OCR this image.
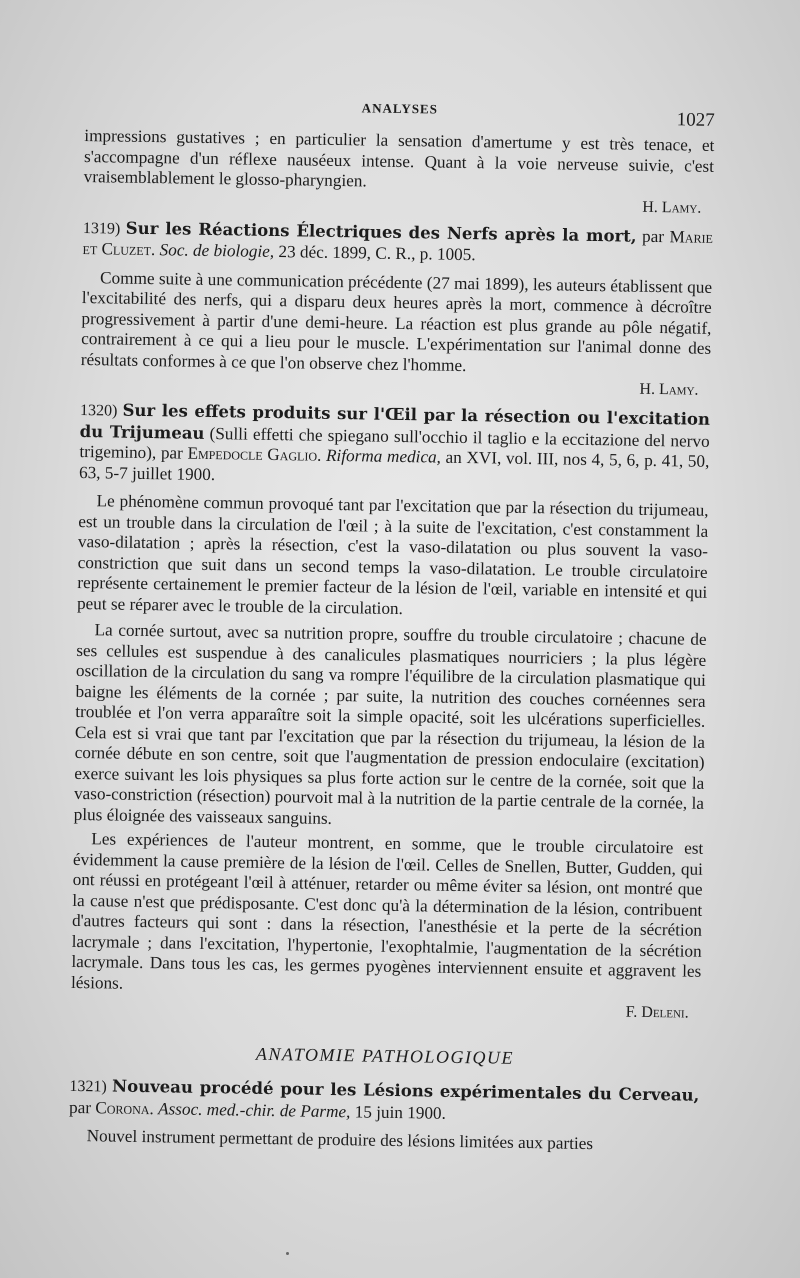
ANALYSES
1027

impressions gustatives ; en particulier la sensation d'amertume y est très tenace, et s'accompagne d'un réflexe nauséeux intense. Quant à la voie nerveuse suivie, c'est vraisemblablement le glosso-pharyngien.

H. Lamy.
1319) Sur les Réactions Électriques des Nerfs après la mort, par Marie et Cluzet. Soc. de biologie, 23 déc. 1899, C. R., p. 1005.

Comme suite à une communication précédente (27 mai 1899), les auteurs établissent que l'excitabilité des nerfs, qui a disparu deux heures après la mort, commence à décroître progressivement à partir d'une demi-heure. La réaction est plus grande au pôle négatif, contrairement à ce qui a lieu pour le muscle. L'expérimentation sur l'animal donne des résultats conformes à ce que l'on observe chez l'homme.

H. Lamy.
1320) Sur les effets produits sur l'Œil par la résection ou l'excitation du Trijumeau (Sulli effetti che spiegano sull'occhio il taglio e la eccitazione del nervo trigemino), par Empedocle Gaglio. Riforma medica, an XVI, vol. III, nos 4, 5, 6, p. 41, 50, 63, 5-7 juillet 1900.

Le phénomène commun provoqué tant par l'excitation que par la résection du trijumeau, est un trouble dans la circulation de l'œil ; à la suite de l'excitation, c'est constamment la vaso-dilatation ; après la résection, c'est la vaso-dilatation ou plus souvent la vaso-constriction que suit dans un second temps la vaso-dilatation. Le trouble circulatoire représente certainement le premier facteur de la lésion de l'œil, variable en intensité et qui peut se réparer avec le trouble de la circulation.

La cornée surtout, avec sa nutrition propre, souffre du trouble circulatoire ; chacune de ses cellules est suspendue à des canalicules plasmatiques nourriciers ; la plus légère oscillation de la circulation du sang va rompre l'équilibre de la circulation plasmatique qui baigne les éléments de la cornée ; par suite, la nutrition des couches cornéennes sera troublée et l'on verra apparaître soit la simple opacité, soit les ulcérations superficielles. Cela est si vrai que tant par l'excitation que par la résection du trijumeau, la lésion de la cornée débute en son centre, soit que l'augmentation de pression endoculaire (excitation) exerce suivant les lois physiques sa plus forte action sur le centre de la cornée, soit que la vaso-constriction (résection) pourvoit mal à la nutrition de la partie centrale de la cornée, la plus éloignée des vaisseaux sanguins.

Les expériences de l'auteur montrent, en somme, que le trouble circulatoire est évidemment la cause première de la lésion de l'œil. Celles de Snellen, Butter, Gudden, qui ont réussi en protégeant l'œil à atténuer, retarder ou même éviter sa lésion, ont montré que la cause n'est que prédisposante. C'est donc qu'à la détermination de la lésion, contribuent d'autres facteurs qui sont : dans la résection, l'anesthésie et la perte de la sécrétion lacrymale ; dans l'excitation, l'hypertonie, l'exophtalmie, l'augmentation de la sécrétion lacrymale. Dans tous les cas, les germes pyogènes interviennent ensuite et aggravent les lésions.

F. Deleni.
ANATOMIE PATHOLOGIQUE
1321) Nouveau procédé pour les Lésions expérimentales du Cerveau, par Corona. Assoc. med.-chir. de Parme, 15 juin 1900.

Nouvel instrument permettant de produire des lésions limitées aux parties
